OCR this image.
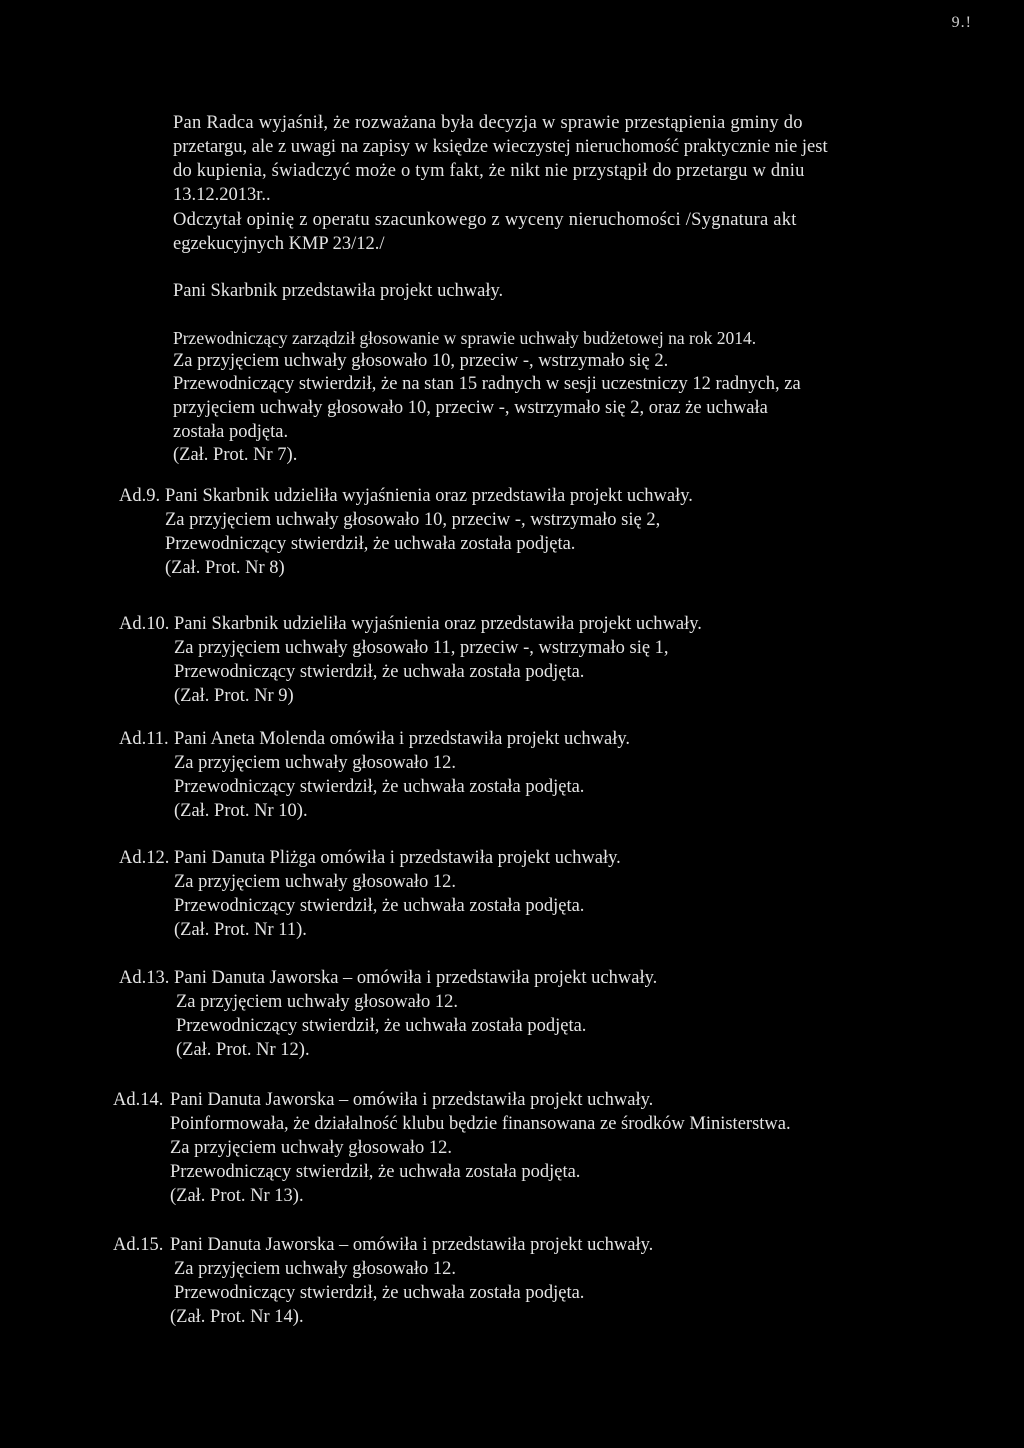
9.!

Pan Radca wyjaśnił, że rozważana była decyzja w sprawie przestąpienia gminy do

przetargu, ale z uwagi na zapisy w księdze wieczystej nieruchomość praktycznie nie jest

do kupienia, świadczyć może o tym fakt, że nikt nie przystąpił do przetargu w dniu

13.12.2013r..

Odczytał opinię z operatu szacunkowego z wyceny nieruchomości /Sygnatura akt

egzekucyjnych KMP 23/12./

Pani Skarbnik przedstawiła projekt uchwały.

Przewodniczący zarządził głosowanie w sprawie uchwały budżetowej na rok 2014.

Za przyjęciem uchwały głosowało 10, przeciw -, wstrzymało się 2.

Przewodniczący stwierdził, że na stan 15 radnych w sesji uczestniczy 12 radnych, za

przyjęciem uchwały głosowało 10, przeciw -, wstrzymało się 2, oraz że uchwała

została podjęta.

(Zał. Prot. Nr 7).

Ad.9. Pani Skarbnik udzieliła wyjaśnienia oraz przedstawiła projekt uchwały.

Za przyjęciem uchwały głosowało 10, przeciw -, wstrzymało się 2,

Przewodniczący stwierdził, że uchwała została podjęta.

(Zał. Prot. Nr 8)

Ad.10. Pani Skarbnik udzieliła wyjaśnienia oraz przedstawiła projekt uchwały.

Za przyjęciem uchwały głosowało 11, przeciw -, wstrzymało się 1,

Przewodniczący stwierdził, że uchwała została podjęta.

(Zał. Prot. Nr 9)

Ad.11. Pani Aneta Molenda omówiła i przedstawiła projekt uchwały.

Za przyjęciem uchwały głosowało 12.

Przewodniczący stwierdził, że uchwała została podjęta.

(Zał. Prot. Nr 10).

Ad.12. Pani Danuta Pliżga omówiła i przedstawiła projekt uchwały.

Za przyjęciem uchwały głosowało 12.

Przewodniczący stwierdził, że uchwała została podjęta.

(Zał. Prot. Nr 11).

Ad.13. Pani Danuta Jaworska – omówiła i przedstawiła projekt uchwały.

Za przyjęciem uchwały głosowało 12.

Przewodniczący stwierdził, że uchwała została podjęta.

(Zał. Prot. Nr 12).

Ad.14. Pani Danuta Jaworska – omówiła i przedstawiła projekt uchwały.

Poinformowała, że działalność klubu będzie finansowana ze środków Ministerstwa.

Za przyjęciem uchwały głosowało 12.

Przewodniczący stwierdził, że uchwała została podjęta.

(Zał. Prot. Nr 13).

Ad.15. Pani Danuta Jaworska – omówiła i przedstawiła projekt uchwały.

Za przyjęciem uchwały głosowało 12.

Przewodniczący stwierdził, że uchwała została podjęta.

(Zał. Prot. Nr 14).
